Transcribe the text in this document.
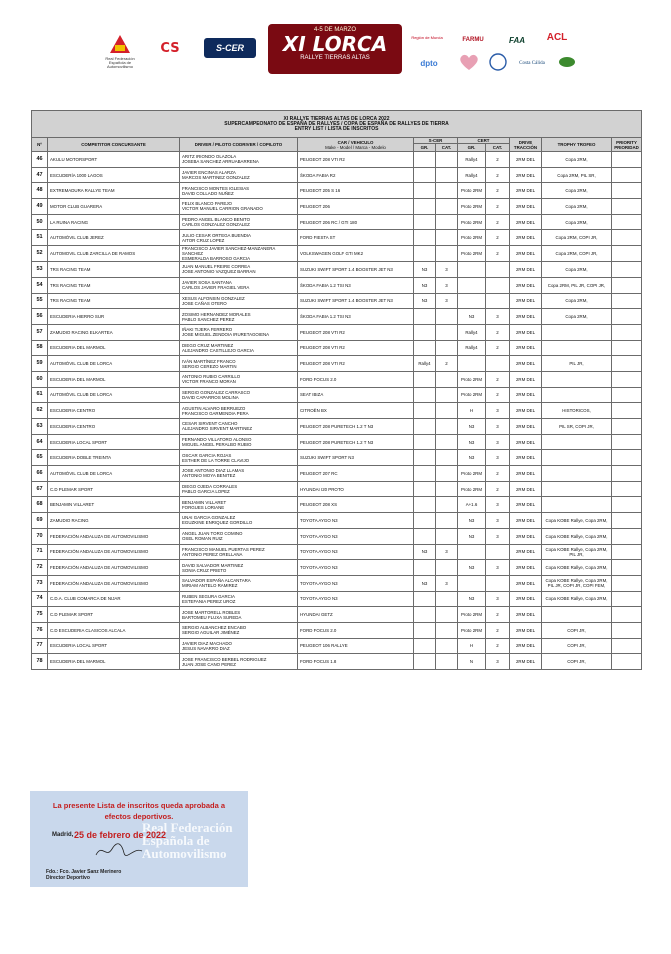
Real Federación Española de Automovilismo
CS	S-CER
4-5 DE MARZO
XI LORCA
RALLYE TIERRAS ALTAS
Región de Murcia	FARMU	FAA ACL
dpto	Costa Cálida
XI RALLYE TIERRAS ALTAS DE LORCA 2022
SUPERCAMPEONATO DE ESPAÑA DE RALLYES / COPA DE ESPAÑA DE RALLYES DE TIERRA
ENTRY LIST / LISTA DE INSCRITOS										

Nº	COMPETITOR CONCURSANTE	DRIVER / PILOTO CODRIVER / COPILOTO	CAR / VEHICULO
Make - Model / Marca - Modelo	S-CER		CERT		DRIVE TRACCIÓN	TROPHY TROFEO	PRIORITY PRIORIDAD
				GR.	CAT.	GR.	CAT.			
46	AKULU MOTORSPORT	ARITZ IRIONDO OLAZOLA
JOSEBA SANCHEZ ARRUABARRENA	PEUGEOT 208 VTI R2			Rally4	2	2RM DEL	Copa 2RM,	
47	ESCUDERÍA 1000 LAGOS	JAVIER ENCINAS ALARZA
MARCOS MARTINEZ GONZALEZ	ŠKODA FABIA R2			Rally4	2	2RM DEL	Copa 2RM, PIL SR,	
48	EXTREMADURA RALLYE TEAM	FRANCISCO MONTES IGLESIAS
DAVID COLLADO NUÑEZ	PEUGEOT 205 S 16			Proto 2RM	2	2RM DEL	Copa 2RM,	
49	MOTOR CLUB GUARERA	FELIX BLANCO PAREJO
VICTOR MANUEL CARRION GRANADO	PEUGEOT 206			Proto 2RM	2	2RM DEL	Copa 2RM,	
50	LA RUINA RACING	PEDRO ANGEL BLANCO BENITO
CARLOS GONZALEZ GONZALEZ	PEUGEOT 206 RC / GTI 180			Proto 2RM	2	2RM DEL	Copa 2RM,	
51	AUTOMÓVIL CLUB JEREZ	JULIO CESAR ORTEGA BUENDIA
AITOR CRUZ LOPEZ	FORD FIESTA ST			Proto 2RM	2	2RM DEL	Copa 2RM, COPI JR,	
52	AUTOMOVIL CLUB ZARCILLA DE RAMOS	FRANCISCO JAVIER SANCHEZ-MANZANERA SANCHEZ
ESMERALDA BARROSO GARCIA	VOLKSWAGEN GOLF GTI MK2			Proto 2RM	2	2RM DEL	Copa 2RM, COPI JR,	
53	TRS RACING TEAM	JUAN MANUEL FREIRE CORREA
JOSE ANTONIO VAZQUEZ BARRAN	SUZUKI SWIFT SPORT 1.4 BOOSTER JET N3	N3	3			2RM DEL	Copa 2RM,	
54	TRS RACING TEAM	JAVIER SOSA SANTANA
CARLOS JAVIER FRAGIEL VERA	ŠKODA FABIA 1.2 TSI N3	N3	3			2RM DEL	Copa 2RM, PIL JR, COPI JR,	
55	TRS RACING TEAM	XESUS ALFONSIN GONZALEZ
JOSE CAÑAS OTERO	SUZUKI SWIFT SPORT 1.4 BOOSTER JET N3	N3	3			2RM DEL	Copa 2RM,	
56	ESCUDERIA HIERRO SUR	ZOSIMO HERNANDEZ MORALES
PABLO SANCHEZ PEREZ	ŠKODA FABIA 1.2 TSI N3			N3	3	2RM DEL	Copa 2RM,	
57	ZAMUDIO RACING ELKARTEA	IÑAKI TIJERA FERRERO
JOSE MIGUEL ZENDOIA IRURETAGOIENA	PEUGEOT 208 VTI R2			Rally4	2	2RM DEL		
58	ESCUDERIA DEL MARMOL	DIEGO CRUZ MARTINEZ
ALEJANDRO CASTILLEJO GARCIA	PEUGEOT 208 VTI R2			Rally4	2	2RM DEL		
59	AUTOMÓVIL CLUB DE LORCA	IVÁN MARTÍNEZ FRANCO
SERGIO CEREZO MARTIN	PEUGEOT 208 VTI R2	Rally4	2			2RM DEL	PIL JR,	
60	ESCUDERIA DEL MARMOL	ANTONIO RUBIO CARRILLO
VICTOR FRANCO MORAN	FORD FOCUS 2.0			Proto 2RM	2	2RM DEL		
61	AUTOMÓVIL CLUB DE LORCA	SERGIO GONZALEZ CARRASCO
DAVID CAPARROS MOLINA	SEAT IBIZA			Proto 2RM	2	2RM DEL		
62	ESCUDERIA CENTRO	AGUSTIN ALVARO BERRUEZO
FRANCISCO GARMENDIA PERA	CITROËN BX			H	3	2RM DEL	HISTORICOS,	
63	ESCUDERIA CENTRO	CESAR SIRVENT CANCHO
ALEJANDRO SIRVENT MARTINEZ	PEUGEOT 208 PURETECH 1.2 T N3			N3	3	2RM DEL	PIL SR, COPI JR,	
64	ESCUDERIA LOCAL SPORT	FERNANDO VILLATORO ALONSO
MIGUEL ANGEL PERALBO RUBIO	PEUGEOT 208 PURETECH 1.2 T N3			N3	3	2RM DEL		
65	ESCUDERIA DOBLE TREINTA	OSCAR GARCIA ROJAS
ESTHER DE LA TORRE CLAVIJO	SUZUKI SWIFT SPORT N3			N3	3	2RM DEL		
66	AUTOMÓVIL CLUB DE LORCA	JOSE ANTONIO DIAZ LLAMAS
ANTONIO MOYA BENITEZ	PEUGEOT 207 RC			Proto 2RM	2	2RM DEL		
67	C.D PLEMAR SPORT	DIEGO OJEDA CORRALES
PABLO GARCIA LOPEZ	HYUNDAI I20 PROTO			Proto 2RM	2	2RM DEL		
68	BENJAMIN VILLARET	BENJAMIN VILLARET
FORGUES LORIANE	PEUGEOT 208 XS			A+1.6	3	2RM DEL		
69	ZAMUDIO RACING	UNAI GARCIA GONZALEZ
EGUZKINE ENRIQUEZ GORDILLO	TOYOTA AYGO N3			N3	3	2RM DEL	Copa KOBE Rallye, Copa 2RM,	
70	FEDERACIÓN ANDALUZA DE AUTOMOVILISMO	ANGEL JUAN TORO COMINO
OSEL ROMAN RUIZ	TOYOTA AYGO N3			N3	3	2RM DEL	Copa KOBE Rallye, Copa 2RM,	
71	FEDERACIÓN ANDALUZA DE AUTOMOVILISMO	FRANCISCO MANUEL PUERTAS PEREZ
ANTONIO PEREZ ORELLANA	TOYOTA AYGO N3	N3	3			2RM DEL	Copa KOBE Rallye, Copa 2RM, PIL JR,	
72	FEDERACIÓN ANDALUZA DE AUTOMOVILISMO	DAVID SALVADOR MARTINEZ
SONIA CRUZ PRIETO	TOYOTA AYGO N3			N3	3	2RM DEL	Copa KOBE Rallye, Copa 2RM,	
73	FEDERACIÓN ANDALUZA DE AUTOMOVILISMO	SALVADOR ESPAÑA ALCANTARA
MIRIAM ANTELO RAMIREZ	TOYOTA AYGO N3	N3	3			2RM DEL	Copa KOBE Rallye, Copa 2RM, PIL JR, COPI JR, COPI FEM,	
74	C.D.A. CLUB COMARCA DE NIJAR	RUBEN SEGURA GARCIA
ESTEFANIA PEREZ UROZ	TOYOTA AYGO N3			N3	3	2RM DEL	Copa KOBE Rallye, Copa 2RM,	
75	C.D PLEMAR SPORT	JOSE MARTORELL ROBLES
BARTOMEU FLUXA SUREDA	HYUNDAI GETZ			Proto 2RM	2	2RM DEL		
76	C.D ESCUDERIA CLASICOS ALCALA	SERGIO ALBANCHEZ ENCABO
SERGIO AGUILAR JIMÉNEZ	FORD FOCUS 2.0			Proto 2RM	2	2RM DEL	COPI JR,	
77	ESCUDERIA LOCAL SPORT	JAVIER DIAZ MACHADO
JESUS NAVARRO DIAZ	PEUGEOT 106 RALLYE			H	2	2RM DEL	COPI JR,	
78	ESCUDERIA DEL MARMOL	JOSE FRANCISCO BERBEL RODRIGUEZ
JUAN JOSE CANO PEREZ	FORD FOCUS 1.8			N	3	2RM DEL	COPI JR,	
Real Federación Española de Automovilismo
La presente Lista de inscritos queda aprobada a
efectos deportivos.
Madrid, 25 de febrero de 2022
Fdo.: Fco. Javier Sanz Merinero
Director Deportivo
